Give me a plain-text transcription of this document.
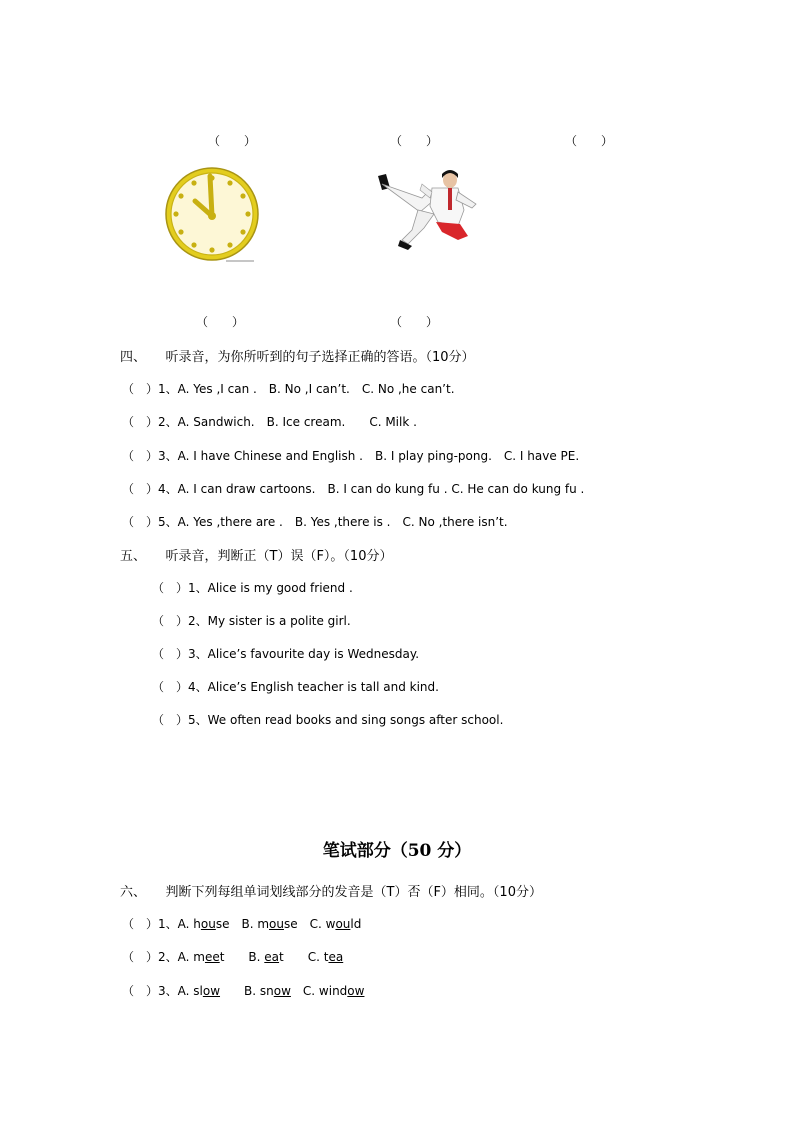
（　　）	（　　）	（　　）
（　　）	（　　）
四、　　听录音，为你所听到的句子选择正确的答语。（10分）
（　）1、A. Yes ,I can .　B. No ,I can’t.　C. No ,he can’t.
（　）2、A. Sandwich.　B. Ice cream.　　C. Milk .
（　）3、A. I have Chinese and English .　B. I play ping-pong.　C. I have PE.
（　）4、A. I can draw cartoons.　B. I can do kung fu . C. He can do kung fu .
（　）5、A. Yes ,there are .　B. Yes ,there is .　C. No ,there isn’t.
五、　　听录音，判断正（T）误（F）。（10分）
（　）1、Alice is my good friend .
（　）2、My sister is a polite girl.
（　）3、Alice’s favourite day is Wednesday.
（　）4、Alice’s English teacher is tall and kind.
（　）5、We often read books and sing songs after school.
笔试部分（50 分）
六、　　判断下列每组单词划线部分的发音是（T）否（F）相同。（10分）
（　）1、A. house　B. mouse　C. would
（　）2、A. meet　　B. eat　　C. tea
（　）3、A. slow　　B. snow　C. window
